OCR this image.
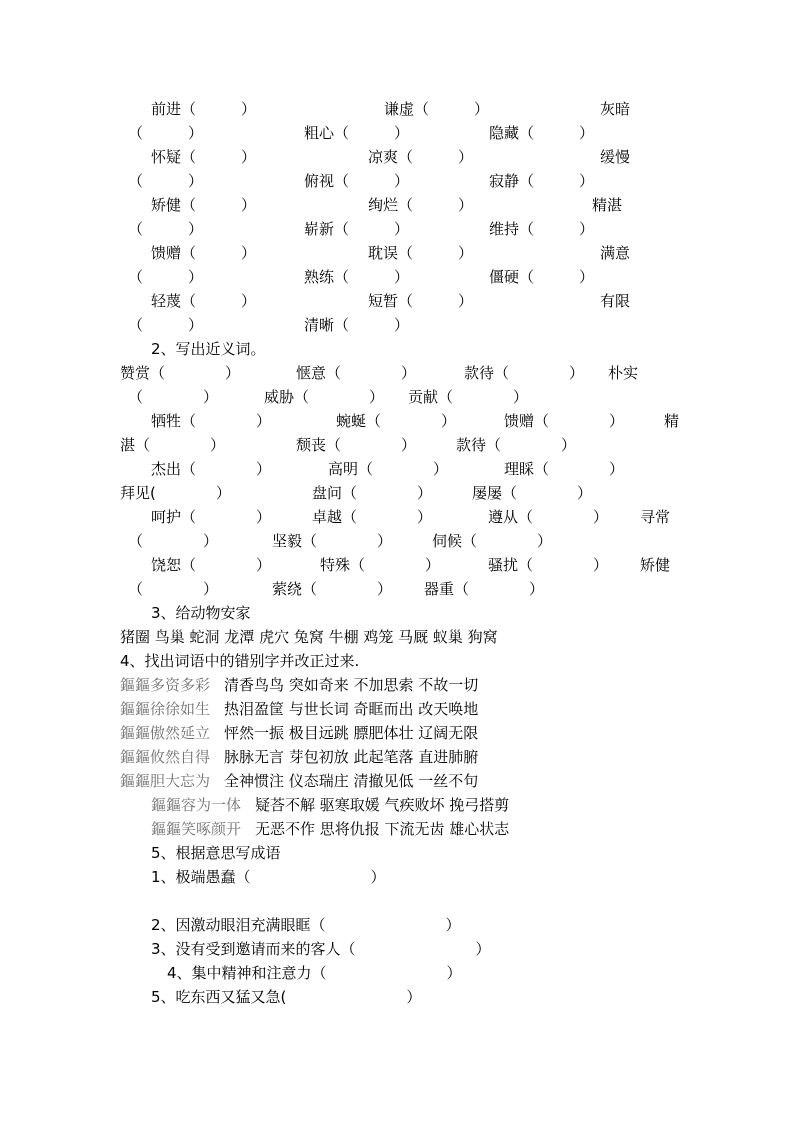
前进（　　　）	谦虚（　　　）	灰暗
（　　　）	粗心（　　　）	隐藏（　　　）
怀疑（　　　）	凉爽（　　　）	缓慢
（　　　）	俯视（　　　）	寂静（　　　）
矫健（　　　）	绚烂（　　　）	精湛
（　　　）	崭新（　　　）	维持（　　　）
馈赠（　　　）	耽误（　　　）	满意
（　　　）	熟练（　　　）	僵硬（　　　）
轻蔑（　　　）	短暂（　　　）	有限
（　　　）	清晰（　　　）
2、写出近义词。
赞赏（　　　　）	惬意（　　　　）	款待（　　　　） 朴实
（　　　　）	威胁（　　　　） 贡献（　　　　）
牺牲（　　　　）	蜿蜒（　　　　）	馈赠（　　　　）	精
湛（　　　　）	颓丧（　　　　）	款待（　　　　）
杰出（　　　　）	高明（　　　　）	理睬（　　　　）
拜见(　　　　）	盘问（　　　　）	屡屡（　　　　）
呵护（　　　　）	卓越（　　　　）	遵从（　　　　） 寻常
（　　　　）	坚毅（　　　　）	伺候（　　　　）
饶恕（　　　　）	特殊（　　　　）	骚扰（　　　　） 矫健
（　　　　）	萦绕（　　　　） 器重（　　　　）
3、给动物安家
猪圈 鸟巢 蛇洞 龙潭 虎穴 兔窝 牛棚 鸡笼 马厩 蚁巢 狗窝
4、找出词语中的错别字并改正过来.
鏂鏂多资多彩 清香鸟鸟 突如奇来 不加思索 不故一切
鏂鏂徐徐如生 热泪盈筐 与世长词 奇眶而出 改天唤地
鏂鏂傲然延立 怦然一振 极目远跳 膘肥体壮 辽阔无限
鏂鏂攸然自得 脉脉无言 芽包初放 此起笔落 直进肺腑
鏂鏂胆大忘为 全神惯注 仪态瑞庄 清撤见低 一丝不句
鏂鏂容为一体 疑荅不解 驱寒取媛 气疾败坏 挽弓搭剪
鏂鏂笑啄颜开 无恶不作 思将仇报 下流无齿 雄心状志
5、根据意思写成语
1、极端愚蠢（　　　　　　　　）
2、因激动眼泪充满眼眶（　　　　　　　　）
3、没有受到邀请而来的客人（　　　　　　　　）
4、集中精神和注意力（　　　　　　　　）
5、吃东西又猛又急(　　　　　　　　）
